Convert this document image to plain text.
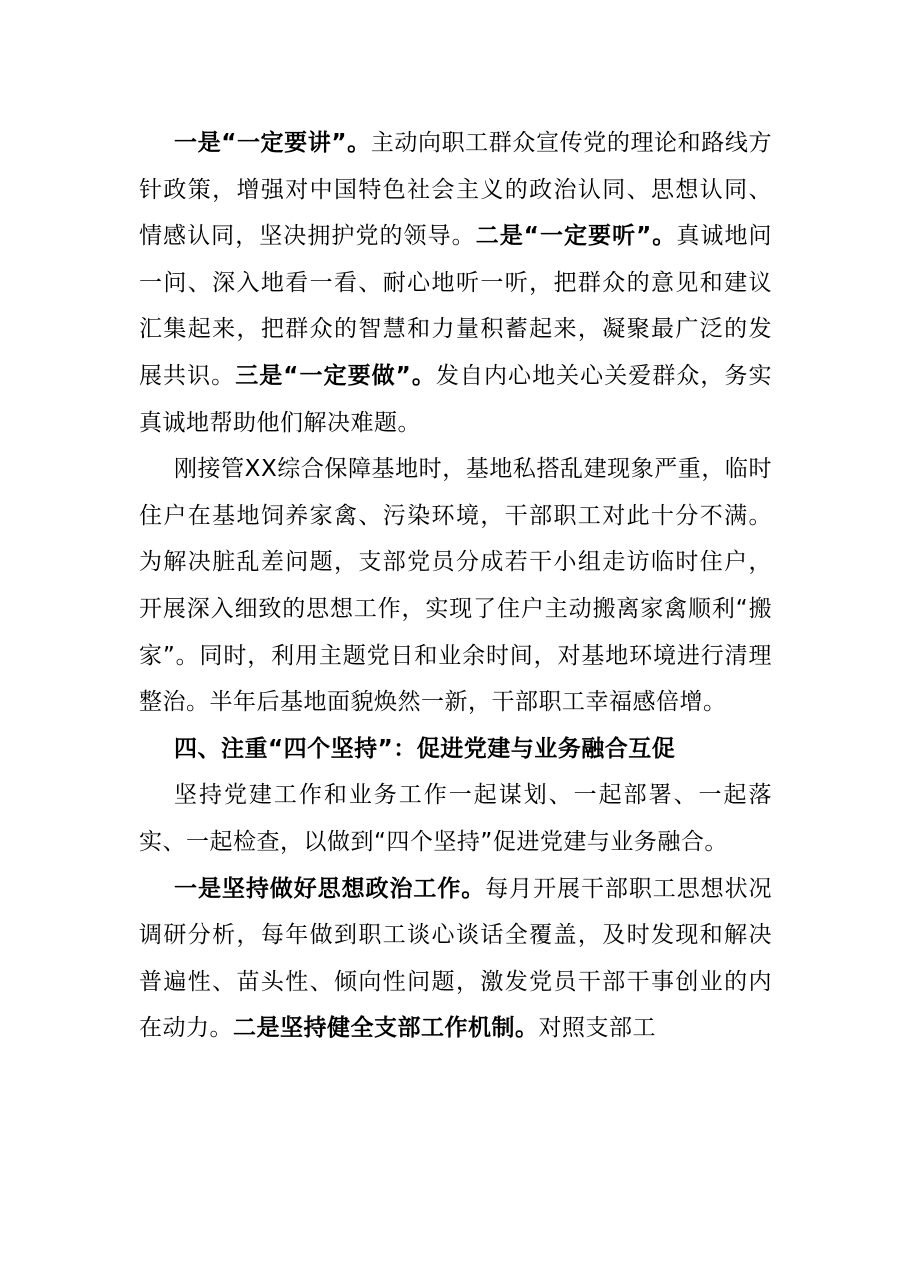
一是“一定要讲”。主动向职工群众宣传党的理论和路线方针政策，增强对中国特色社会主义的政治认同、思想认同、情感认同，坚决拥护党的领导。二是“一定要听”。真诚地问一问、深入地看一看、耐心地听一听，把群众的意见和建议汇集起来，把群众的智慧和力量积蓄起来，凝聚最广泛的发展共识。三是“一定要做”。发自内心地关心关爱群众，务实真诚地帮助他们解决难题。

刚接管XX综合保障基地时，基地私搭乱建现象严重，临时住户在基地饲养家禽、污染环境，干部职工对此十分不满。为解决脏乱差问题，支部党员分成若干小组走访临时住户，开展深入细致的思想工作，实现了住户主动搬离家禽顺利“搬家”。同时，利用主题党日和业余时间，对基地环境进行清理整治。半年后基地面貌焕然一新，干部职工幸福感倍增。

四、注重“四个坚持”：促进党建与业务融合互促

坚持党建工作和业务工作一起谋划、一起部署、一起落实、一起检查，以做到“四个坚持”促进党建与业务融合。

一是坚持做好思想政治工作。每月开展干部职工思想状况调研分析，每年做到职工谈心谈话全覆盖，及时发现和解决普遍性、苗头性、倾向性问题，激发党员干部干事创业的内在动力。二是坚持健全支部工作机制。对照支部工
